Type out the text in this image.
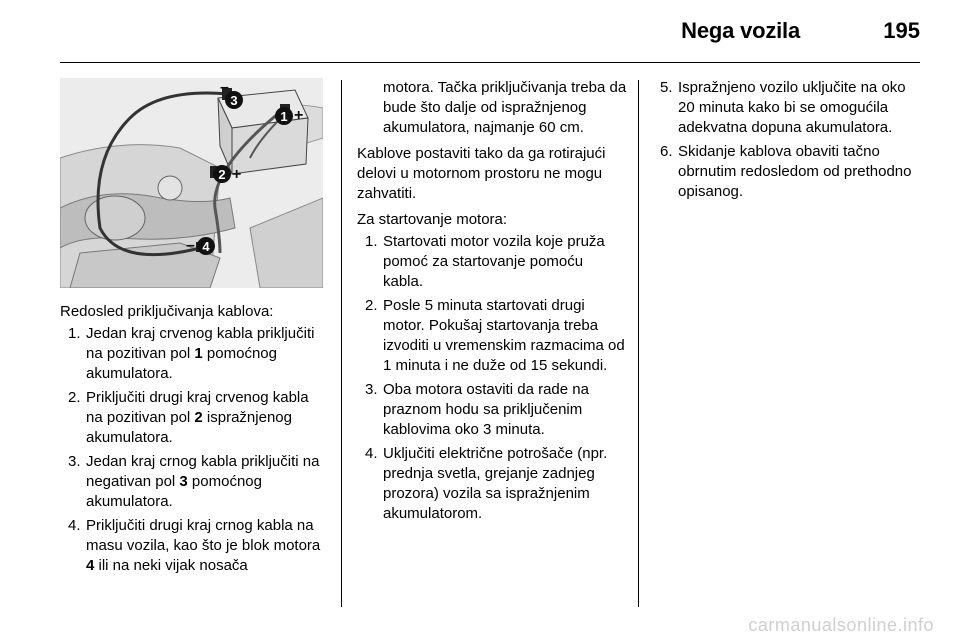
Nega vozila	195
3
–
1 +
2 +
4
–

Redosled priključivanja kablova:

1. Jedan kraj crvenog kabla priključiti na pozitivan pol 1 pomoćnog akumulatora.
2. Priključiti drugi kraj crvenog kabla na pozitivan pol 2 ispražnjenog akumulatora.
3. Jedan kraj crnog kabla priključiti na negativan pol 3 pomoćnog akumulatora.
4. Priključiti drugi kraj crnog kabla na masu vozila, kao što je blok motora 4 ili na neki vijak nosača

motora. Tačka priključivanja treba da bude što dalje od ispražnjenog akumulatora, najmanje 60 cm.

Kablove postaviti tako da ga rotirajući delovi u motornom prostoru ne mogu zahvatiti.

Za startovanje motora:

1. Startovati motor vozila koje pruža pomoć za startovanje pomoću kabla.
2. Posle 5 minuta startovati drugi motor. Pokušaj startovanja treba izvoditi u vremenskim razmacima od 1 minuta i ne duže od 15 sekundi.
3. Oba motora ostaviti da rade na praznom hodu sa priključenim kablovima oko 3 minuta.
4. Uključiti električne potrošače (npr. prednja svetla, grejanje zadnjeg prozora) vozila sa ispražnjenim akumulatorom.
5. Ispražnjeno vozilo uključite na oko 20 minuta kako bi se omogućila adekvatna dopuna akumulatora.
6. Skidanje kablova obaviti tačno obrnutim redosledom od prethodno opisanog.
carmanualsonline.info
